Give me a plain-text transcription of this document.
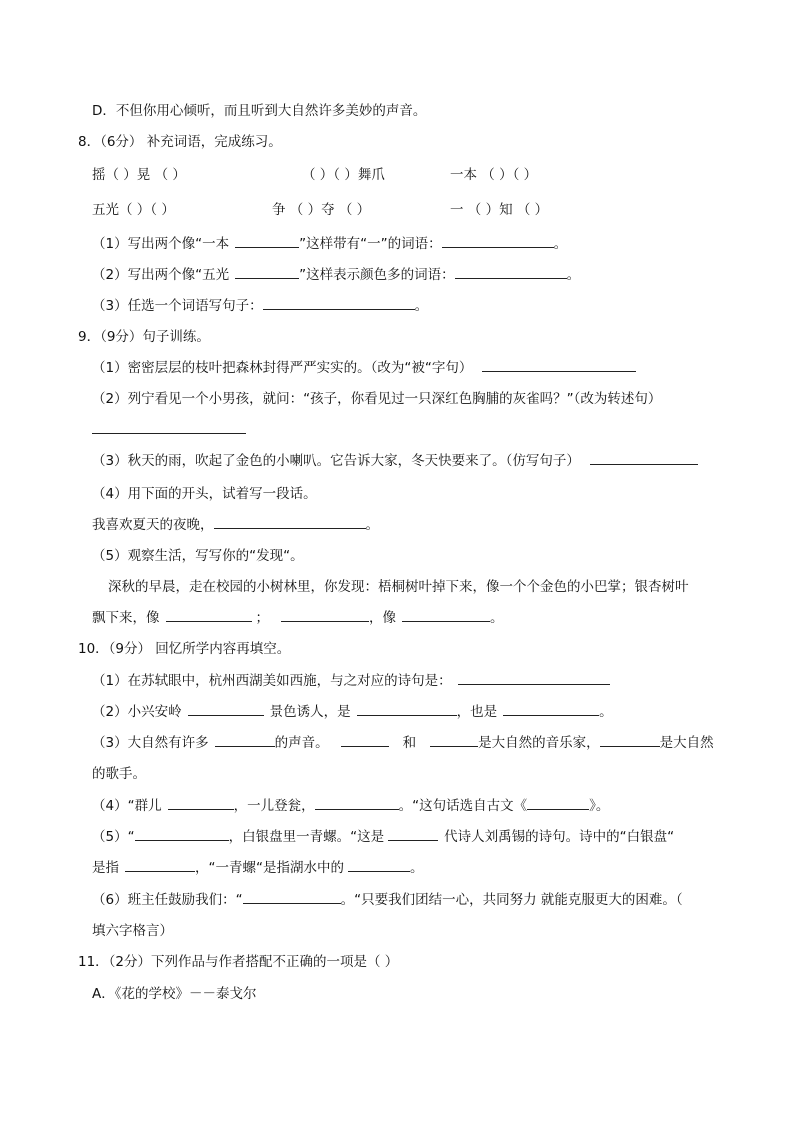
D．不但你用心倾听，而且听到大自然许多美妙的声音。
8．（6分） 补充词语，完成练习。
摇（ ）晃 （ ）	（ ）（ ）舞爪	一本 （ ）（ ）
五光（ ）（ ）	争 （ ）夺 （ ）	一 （ ）知 （ ）
（1）写出两个像“一本	”这样带有“一”的词语：	。
（2）写出两个像“五光	”这样表示颜色多的词语：	。
（3）任选一个词语写句子：	。
9．（9分）句子训练。
（1）密密层层的枝叶把森林封得严严实实的。（改为“被“字句）
（2）列宁看见一个小男孩，就问：“孩子，你看见过一只深红色胸脯的灰雀吗？”（改为转述句）
（3）秋天的雨，吹起了金色的小喇叭。它告诉大家，冬天快要来了。（仿写句子）
（4）用下面的开头，试着写一段话。
我喜欢夏天的夜晚，	。
（5）观察生活，写写你的“发现“。
深秋的早晨，走在校园的小树林里，你发现：梧桐树叶掉下来，像一个个金色的小巴掌；银杏树叶
飘下来，像	；	，像	。
10．（9分） 回忆所学内容再填空。
（1）在苏轼眼中，杭州西湖美如西施，与之对应的诗句是：
（2）小兴安岭	景色诱人，是	，也是	。
（3）大自然有许多	的声音。	和	是大自然的音乐家，	是大自然
的歌手。
（4）“群儿	，一儿登瓮，	。“这句话选自古文《	》。
（5）“	，白银盘里一青螺。“这是	代诗人刘禹锡的诗句。诗中的“白银盘“
是指	，“一青螺“是指湖水中的	。
（6）班主任鼓励我们：“	。“只要我们团结一心，共同努力 就能克服更大的困难。（
填六字格言）
11．（2分）下列作品与作者搭配不正确的一项是（ ）
A．《花的学校》－－泰戈尔
